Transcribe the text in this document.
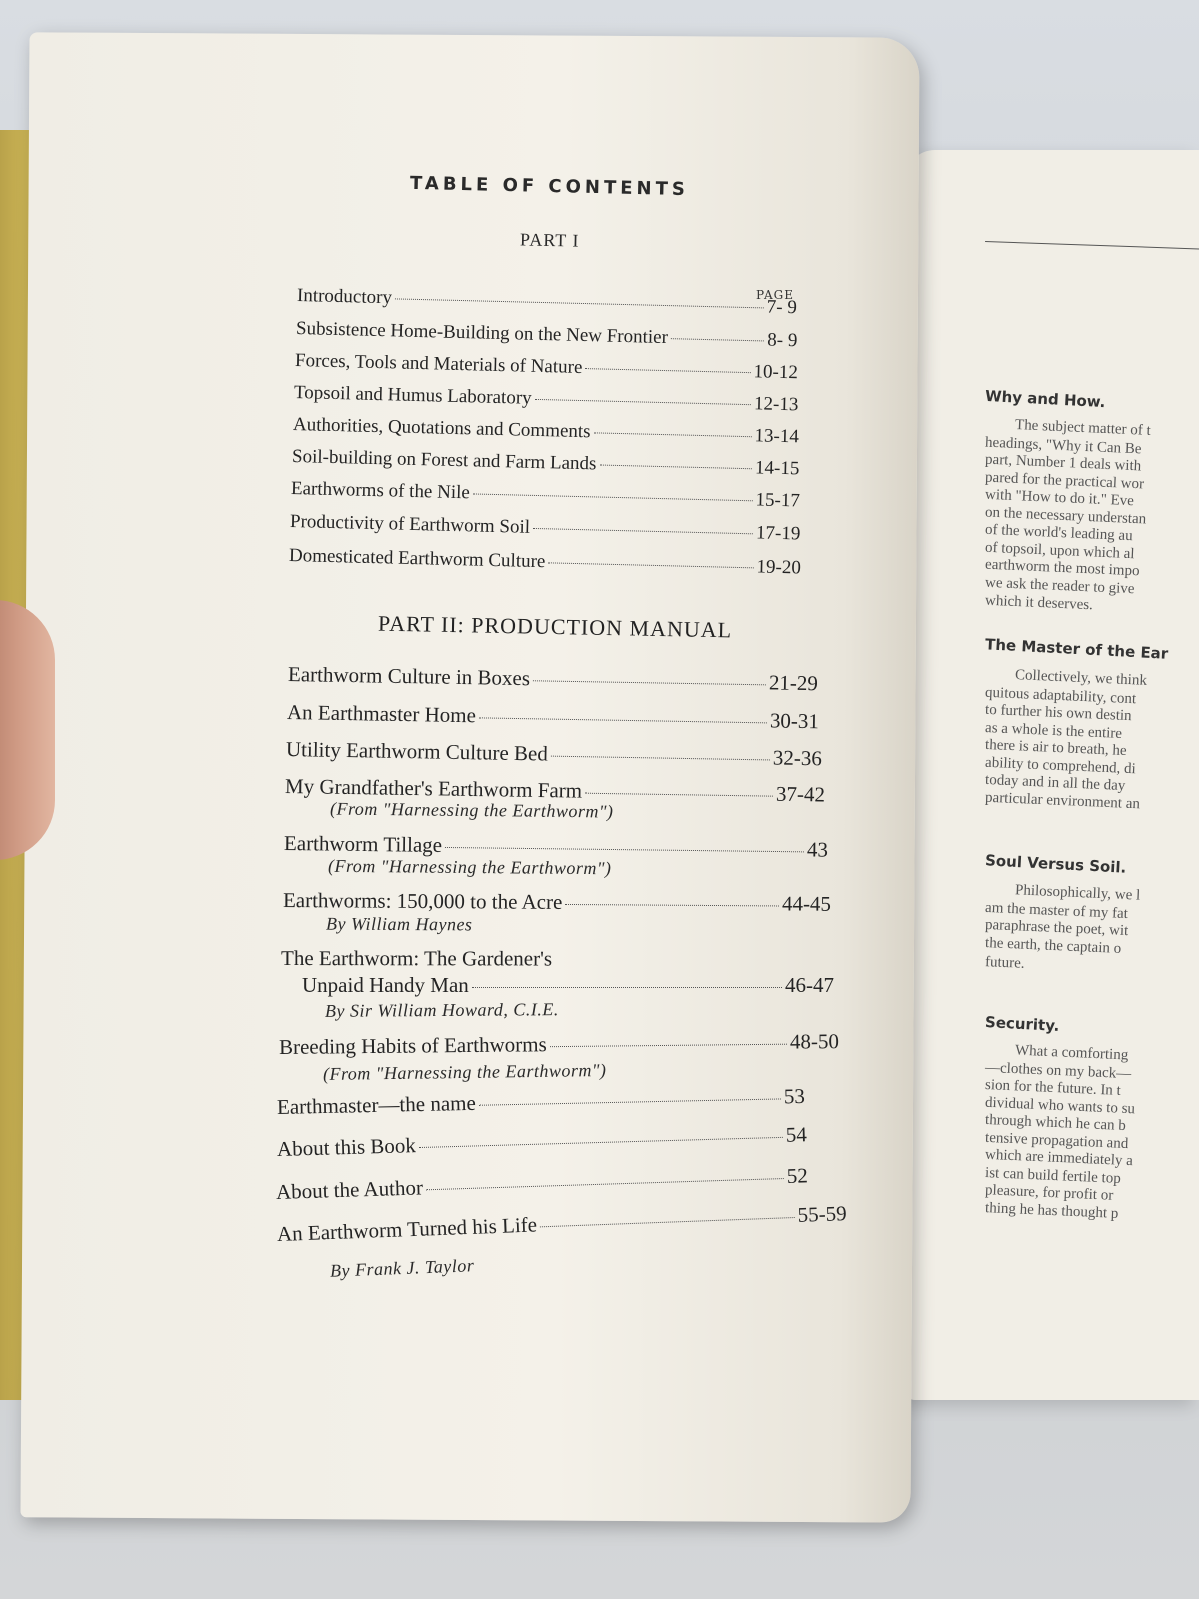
Why and How.
The subject matter of t
headings, "Why it Can Be
part, Number 1 deals with
pared for the practical wor
with "How to do it." Eve
on the necessary understan
of the world's leading au
of topsoil, upon which al
earthworm the most impo
we ask the reader to give
which it deserves.
The Master of the Ear
Collectively, we think
quitous adaptability, cont
to further his own destin
as a whole is the entire
there is air to breath, he
ability to comprehend, di
today and in all the day
particular environment an
Soul Versus Soil.
Philosophically, we l
am the master of my fat
paraphrase the poet, wit
the earth, the captain o
future.
Security.
What a comforting
—clothes on my back—
sion for the future. In t
dividual who wants to su
through which he can b
tensive propagation and
which are immediately a
ist can build fertile top
pleasure, for profit or
thing he has thought p
TABLE OF CONTENTS
PART I
PAGE
Introductory	7- 9
Subsistence Home-Building on the New Frontier	8- 9
Forces, Tools and Materials of Nature	10-12
Topsoil and Humus Laboratory	12-13
Authorities, Quotations and Comments	13-14
Soil-building on Forest and Farm Lands	14-15
Earthworms of the Nile	15-17
Productivity of Earthworm Soil	17-19
Domesticated Earthworm Culture	19-20
PART II: PRODUCTION MANUAL
Earthworm Culture in Boxes	21-29
An Earthmaster Home	30-31
Utility Earthworm Culture Bed	32-36
My Grandfather's Earthworm Farm	37-42
(From "Harnessing the Earthworm")
Earthworm Tillage	43
(From "Harnessing the Earthworm")
Earthworms: 150,000 to the Acre	44-45
By William Haynes
The Earthworm: The Gardener's
Unpaid Handy Man	46-47
By Sir William Howard, C.I.E.
Breeding Habits of Earthworms	48-50
(From "Harnessing the Earthworm")
Earthmaster—the name	53
About this Book	54
About the Author	52
An Earthworm Turned his Life	55-59
By Frank J. Taylor
